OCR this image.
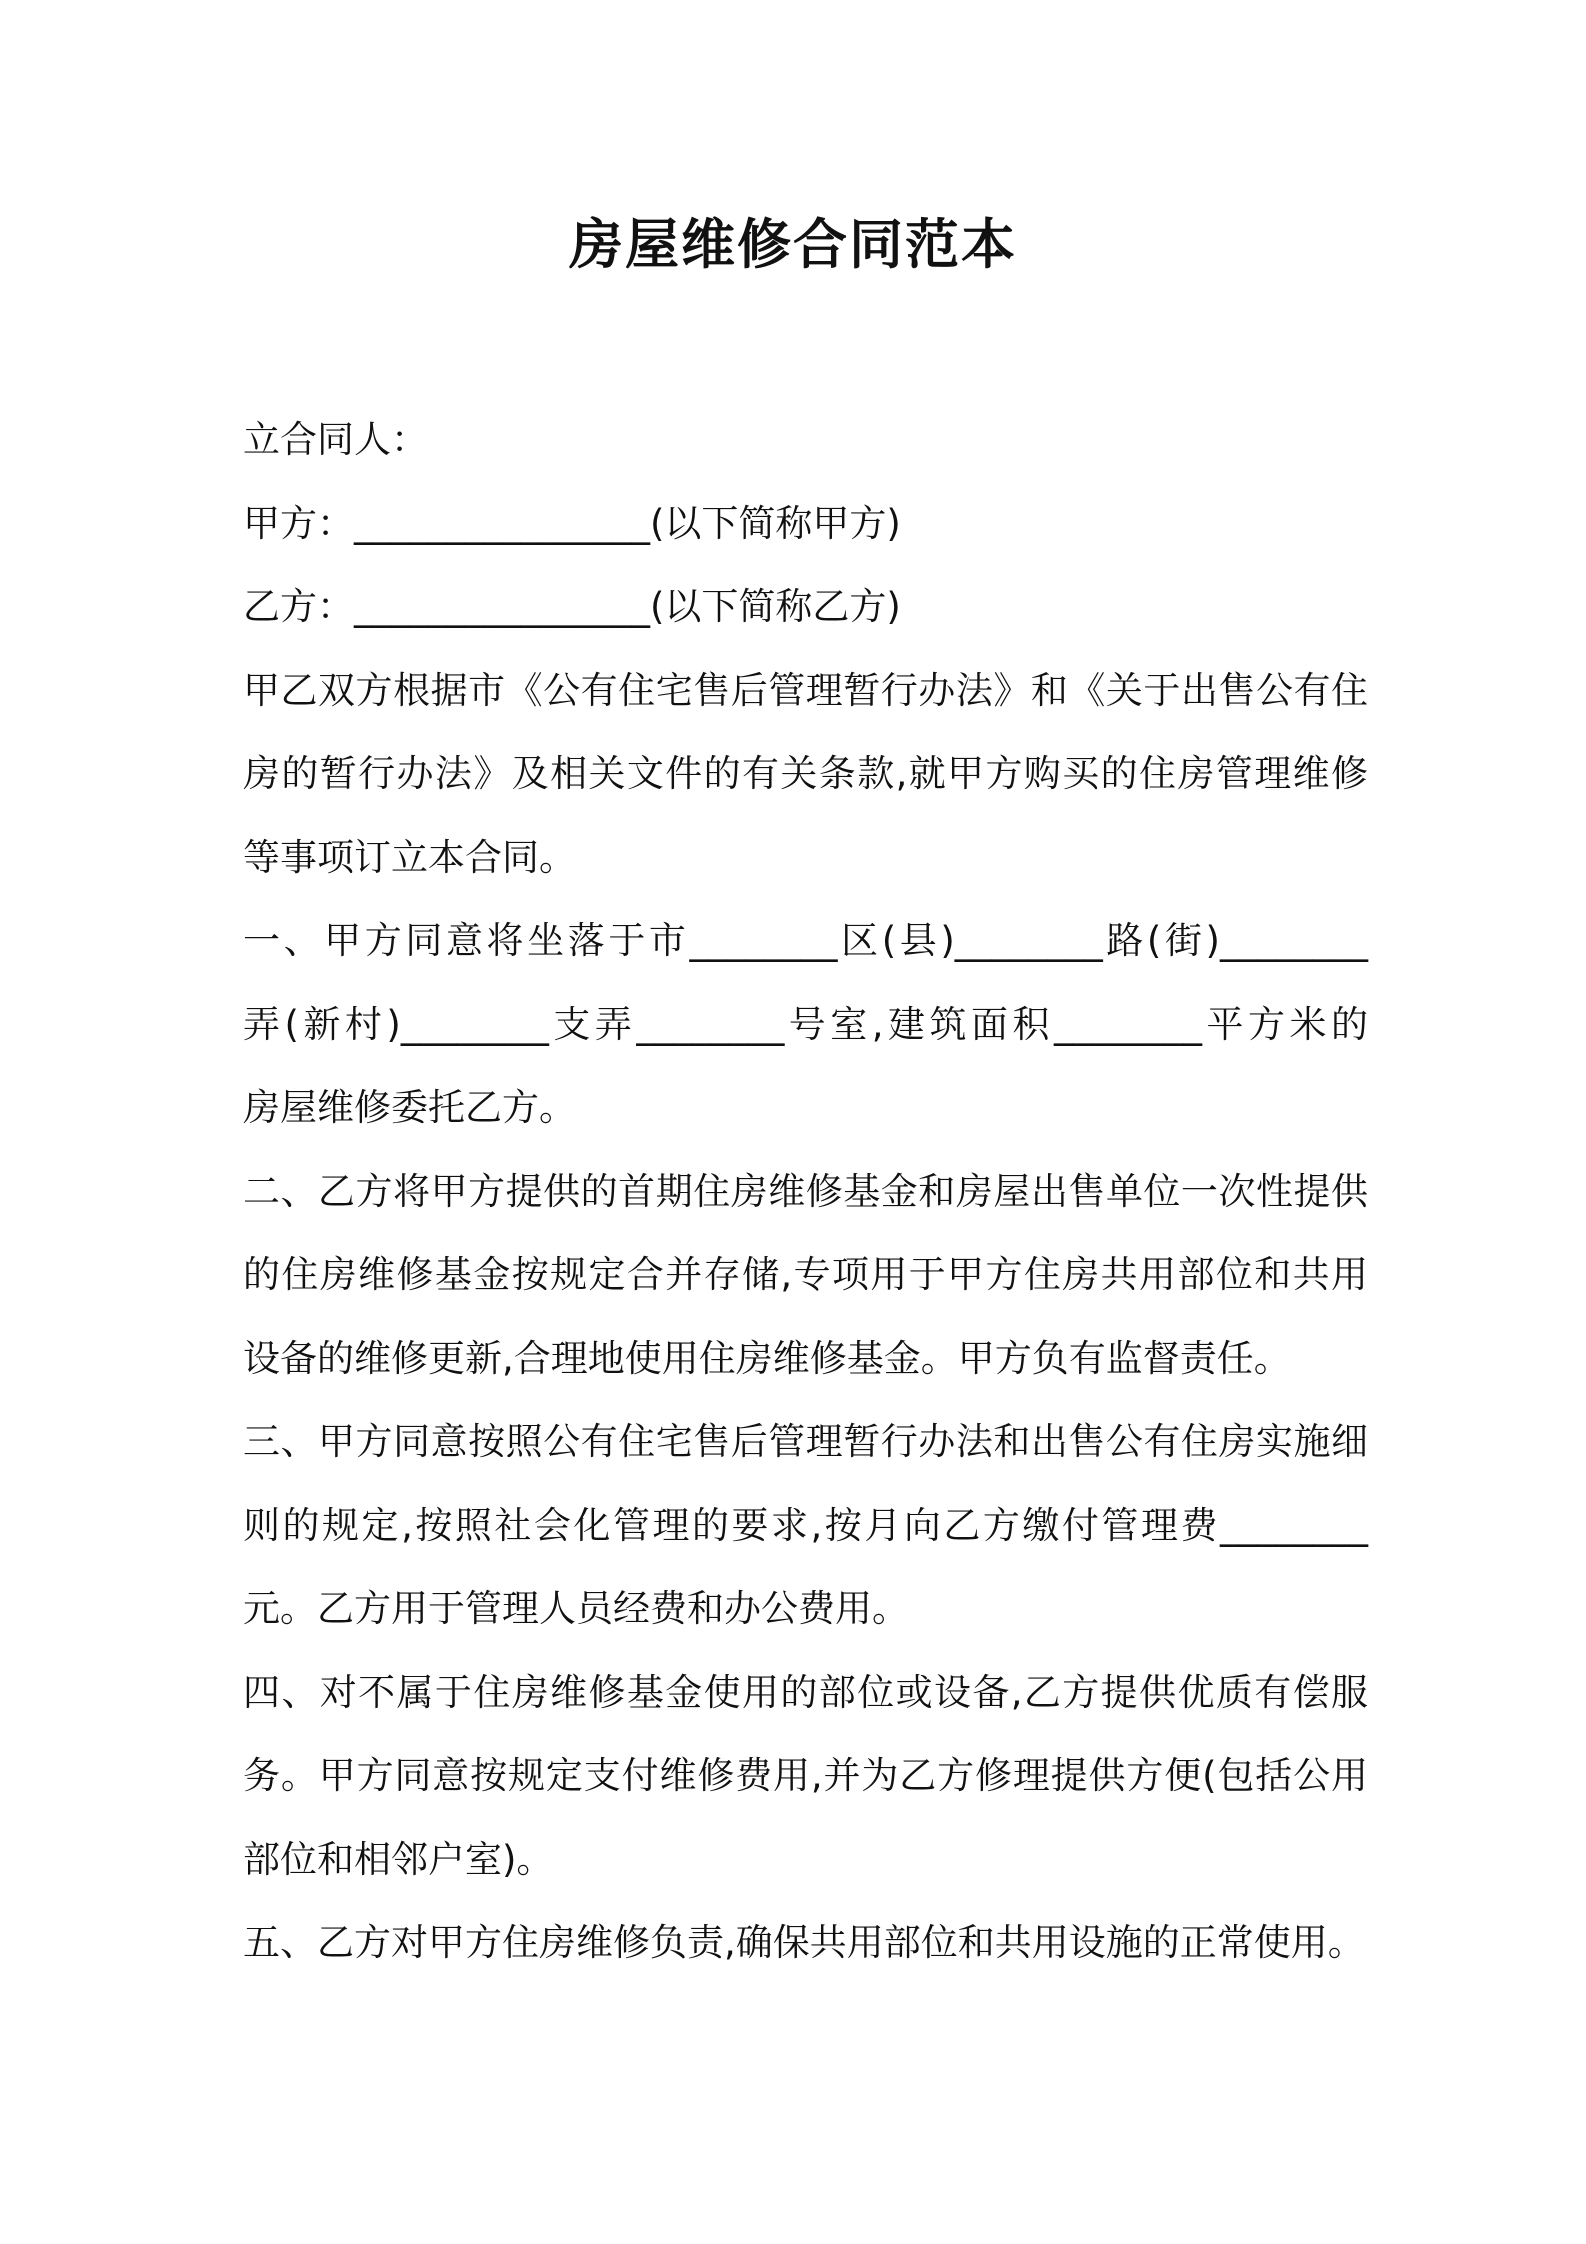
房屋维修合同范本
立合同人：
甲方：________________(以下简称甲方)
乙方：________________(以下简称乙方)
甲乙双方根据市《公有住宅售后管理暂行办法》和《关于出售公有住
房的暂行办法》及相关文件的有关条款,就甲方购买的住房管理维修
等事项订立本合同。
一、甲方同意将坐落于市________区(县)________路(街)________
弄(新村)________支弄________号室,建筑面积________平方米的
房屋维修委托乙方。
二、乙方将甲方提供的首期住房维修基金和房屋出售单位一次性提供
的住房维修基金按规定合并存储,专项用于甲方住房共用部位和共用
设备的维修更新,合理地使用住房维修基金。甲方负有监督责任。
三、甲方同意按照公有住宅售后管理暂行办法和出售公有住房实施细
则的规定,按照社会化管理的要求,按月向乙方缴付管理费________
元。乙方用于管理人员经费和办公费用。
四、对不属于住房维修基金使用的部位或设备,乙方提供优质有偿服
务。甲方同意按规定支付维修费用,并为乙方修理提供方便(包括公用
部位和相邻户室)。
五、乙方对甲方住房维修负责,确保共用部位和共用设施的正常使用。
